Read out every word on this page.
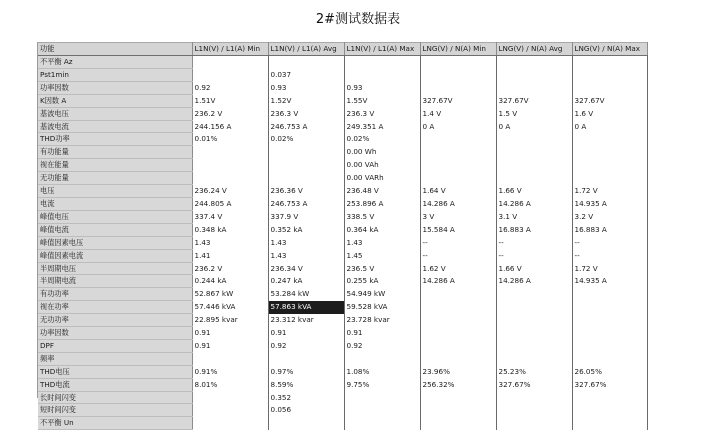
2#测试数据表
功能	L1N(V) / L1(A) Min	L1N(V) / L1(A) Avg	L1N(V) / L1(A) Max	LNG(V) / N(A) Min	LNG(V) / N(A) Avg	LNG(V) / N(A) Max
不平衡 Az						
Pst1min		0.037				
功率因数	0.92	0.93	0.93			
K因数 A	1.51V	1.52V	1.55V	327.67V	327.67V	327.67V
基波电压	236.2 V	236.3 V	236.3 V	1.4 V	1.5 V	1.6 V
基波电流	244.156 A	246.753 A	249.351 A	0 A	0 A	0 A
THD功率	0.01%	0.02%	0.02%			
有功能量			0.00 Wh			
视在能量			0.00 VAh			
无功能量			0.00 VARh			
电压	236.24 V	236.36 V	236.48 V	1.64 V	1.66 V	1.72 V
电流	244.805 A	246.753 A	253.896 A	14.286 A	14.286 A	14.935 A
峰值电压	337.4 V	337.9 V	338.5 V	3 V	3.1 V	3.2 V
峰值电流	0.348 kA	0.352 kA	0.364 kA	15.584 A	16.883 A	16.883 A
峰值因素电压	1.43	1.43	1.43	--	--	--
峰值因素电流	1.41	1.43	1.45	--	--	--
半周期电压	236.2 V	236.34 V	236.5 V	1.62 V	1.66 V	1.72 V
半周期电流	0.244 kA	0.247 kA	0.255 kA	14.286 A	14.286 A	14.935 A
有功功率	52.867 kW	53.284 kW	54.949 kW			
视在功率	57.446 kVA	57.863 kVA	59.528 kVA			
无功功率	22.895 kvar	23.312 kvar	23.728 kvar			
功率因数	0.91	0.91	0.91			
DPF	0.91	0.92	0.92			
频率						
THD电压	0.91%	0.97%	1.08%	23.96%	25.23%	26.05%
THD电流	8.01%	8.59%	9.75%	256.32%	327.67%	327.67%
长时间闪变		0.352				
短时间闪变		0.056				
不平衡 Un						
